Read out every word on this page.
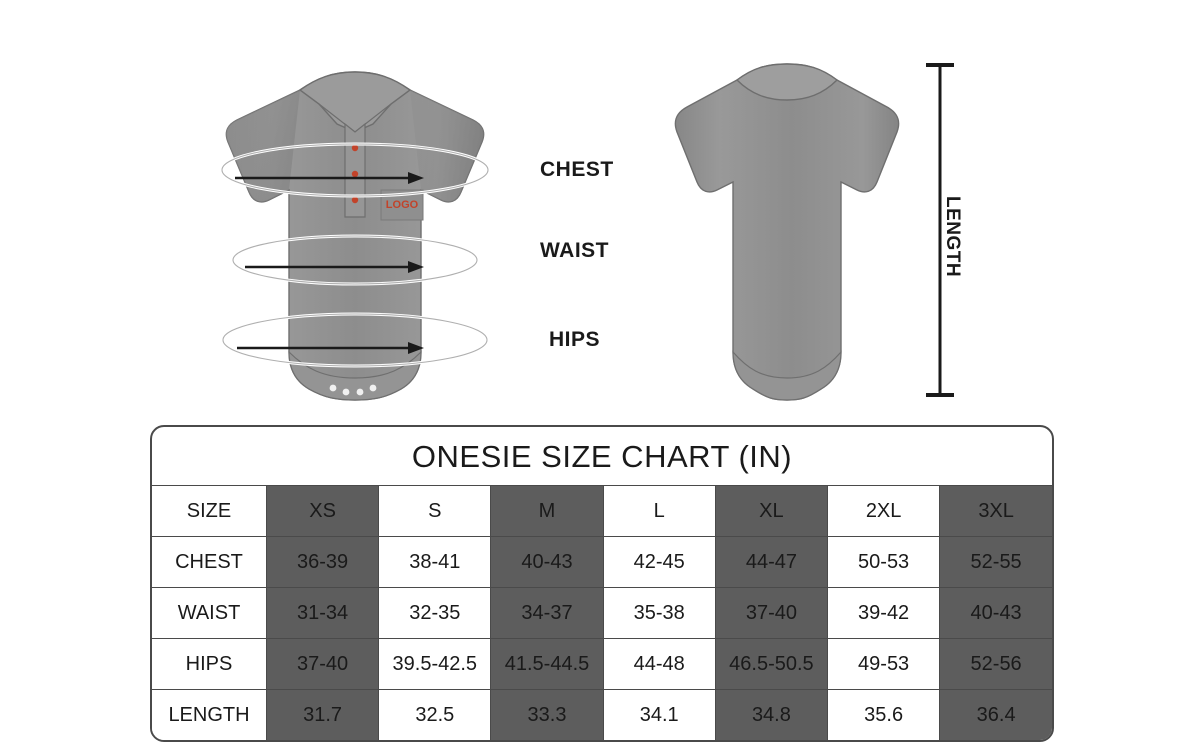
LOGO
CHEST
WAIST
HIPS
LENGTH
ONESIE SIZE CHART (IN)
SIZE	XS	S	M	L	XL	2XL	3XL
CHEST	36-39	38-41	40-43	42-45	44-47	50-53	52-55
WAIST	31-34	32-35	34-37	35-38	37-40	39-42	40-43
HIPS	37-40	39.5-42.5	41.5-44.5	44-48	46.5-50.5	49-53	52-56
LENGTH	31.7	32.5	33.3	34.1	34.8	35.6	36.4
